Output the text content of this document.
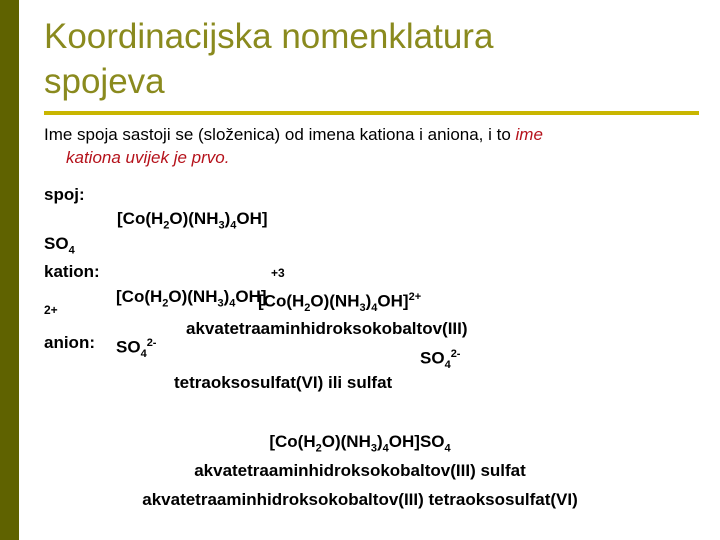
Koordinacijska nomenklatura
spojeva
Ime spoja sastoji se (složenica) od imena kationa i aniona, i to ime
kationa uvijek je prvo.
spoj:
$SO_4$
kation:	+3
2+
anion:
$[Co(H_2O)(NH_3)_4OH]$
$[Co(H_2O)(NH_3)_4OH]$
$[Co(H_2O)(NH_3)_4OH]^{2+}$
akvatetraaminhidroksokobaltov(III)
$SO_4^{2-}$
$SO_4^{2-}$
tetraoksosulfat(VI) ili sulfat
$[Co(H_2O)(NH_3)_4OH]SO_4$
akvatetraaminhidroksokobaltov(III) sulfat
akvatetraaminhidroksokobaltov(III) tetraoksosulfat(VI)
